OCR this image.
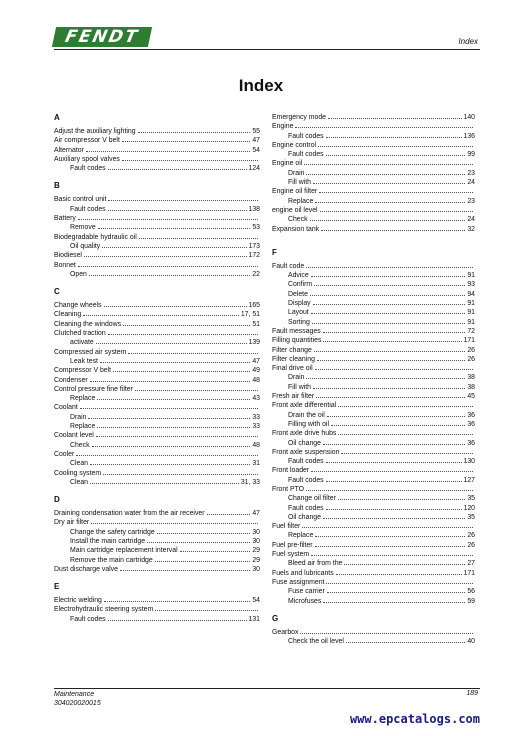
FENDT	Index
Index
A
Adjust the auxiliary lighting	55
Air compressor V belt	47
Alternator	54
Auxiliary spool valves
Fault codes	124
B
Basic control unit
Fault codes	138
Battery
Remove	53
Biodegradable hydraulic oil
Oil quality	173
Biodiesel	172
Bonnet
Open	22
C
Change wheels	165
Cleaning	17, 51
Cleaning the windows	51
Clutched traction
activate	139
Compressed air system
Leak test	47
Compressor V belt	49
Condenser	48
Control pressure fine filter
Replace	43
Coolant
Drain	33
Replace	33
Coolant level
Check	48
Cooler
Clean	31
Cooling system
Clean	31, 33
D
Draining condensation water from the air receiver	47
Dry air filter
Change the safety cartridge	30
Install the main cartridge	30
Main cartridge replacement interval	29
Remove the main cartridge	29
Dust discharge valve	30
E
Electric welding	54
Electrohydraulic steering system
Fault codes	131
Emergency mode	140
Engine
Fault codes	136
Engine control
Fault codes	99
Engine oil
Drain	23
Fill with	24
Engine oil filter
Replace	23
engine oil level
Check	24
Expansion tank	32
F
Fault code
Advice	91
Confirm	93
Delete	94
Display	91
Layout	91
Sorting	91
Fault messages	72
Filling quantities	171
Filter change	26
Filter cleaning	26
Final drive oil
Drain	38
Fill with	38
Fresh air filter	45
Front axle differential
Drain the oil	36
Filling with oil	36
Front axle drive hubs
Oil change	36
Front axle suspension
Fault codes	130
Front loader
Fault codes	127
Front PTO
Change oil filter	35
Fault codes	120
Oil change	35
Fuel filter
Replace	26
Fuel pre-filter	26
Fuel system
Bleed air from the	27
Fuels and lubricants	171
Fuse assignment
Fuse carrier	56
Microfuses	59
G
Gearbox
Check the oil level	40
Maintenance
304020020015
189
www.epcatalogs.com
